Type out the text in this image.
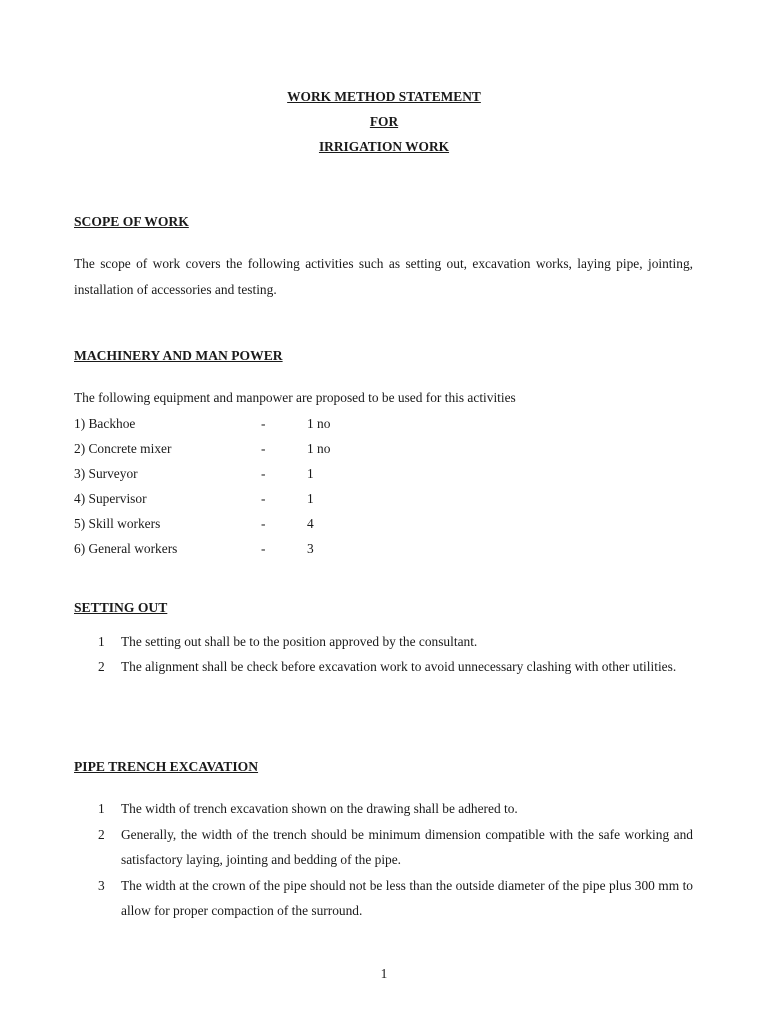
WORK METHOD STATEMENT
FOR
IRRIGATION WORK
SCOPE OF WORK
The scope of work covers the following activities such as setting out, excavation works, laying pipe, jointing, installation of accessories and testing.
MACHINERY AND MAN POWER
The following equipment and manpower are proposed to be used for this activities
1) Backhoe	-	1 no
2) Concrete mixer	-	1 no
3) Surveyor	-	1
4) Supervisor	-	1
5) Skill workers	-	4
6) General workers	-	3
SETTING OUT
1 The setting out shall be to the position approved by the consultant.
2 The alignment shall be check before excavation work to avoid unnecessary clashing with other utilities.
PIPE TRENCH EXCAVATION
1 The width of trench excavation shown on the drawing shall be adhered to.
2 Generally, the width of the trench should be minimum dimension compatible with the safe working and satisfactory laying, jointing and bedding of the pipe.
3 The width at the crown of the pipe should not be less than the outside diameter of the pipe plus 300 mm to allow for proper compaction of the surround.
1
